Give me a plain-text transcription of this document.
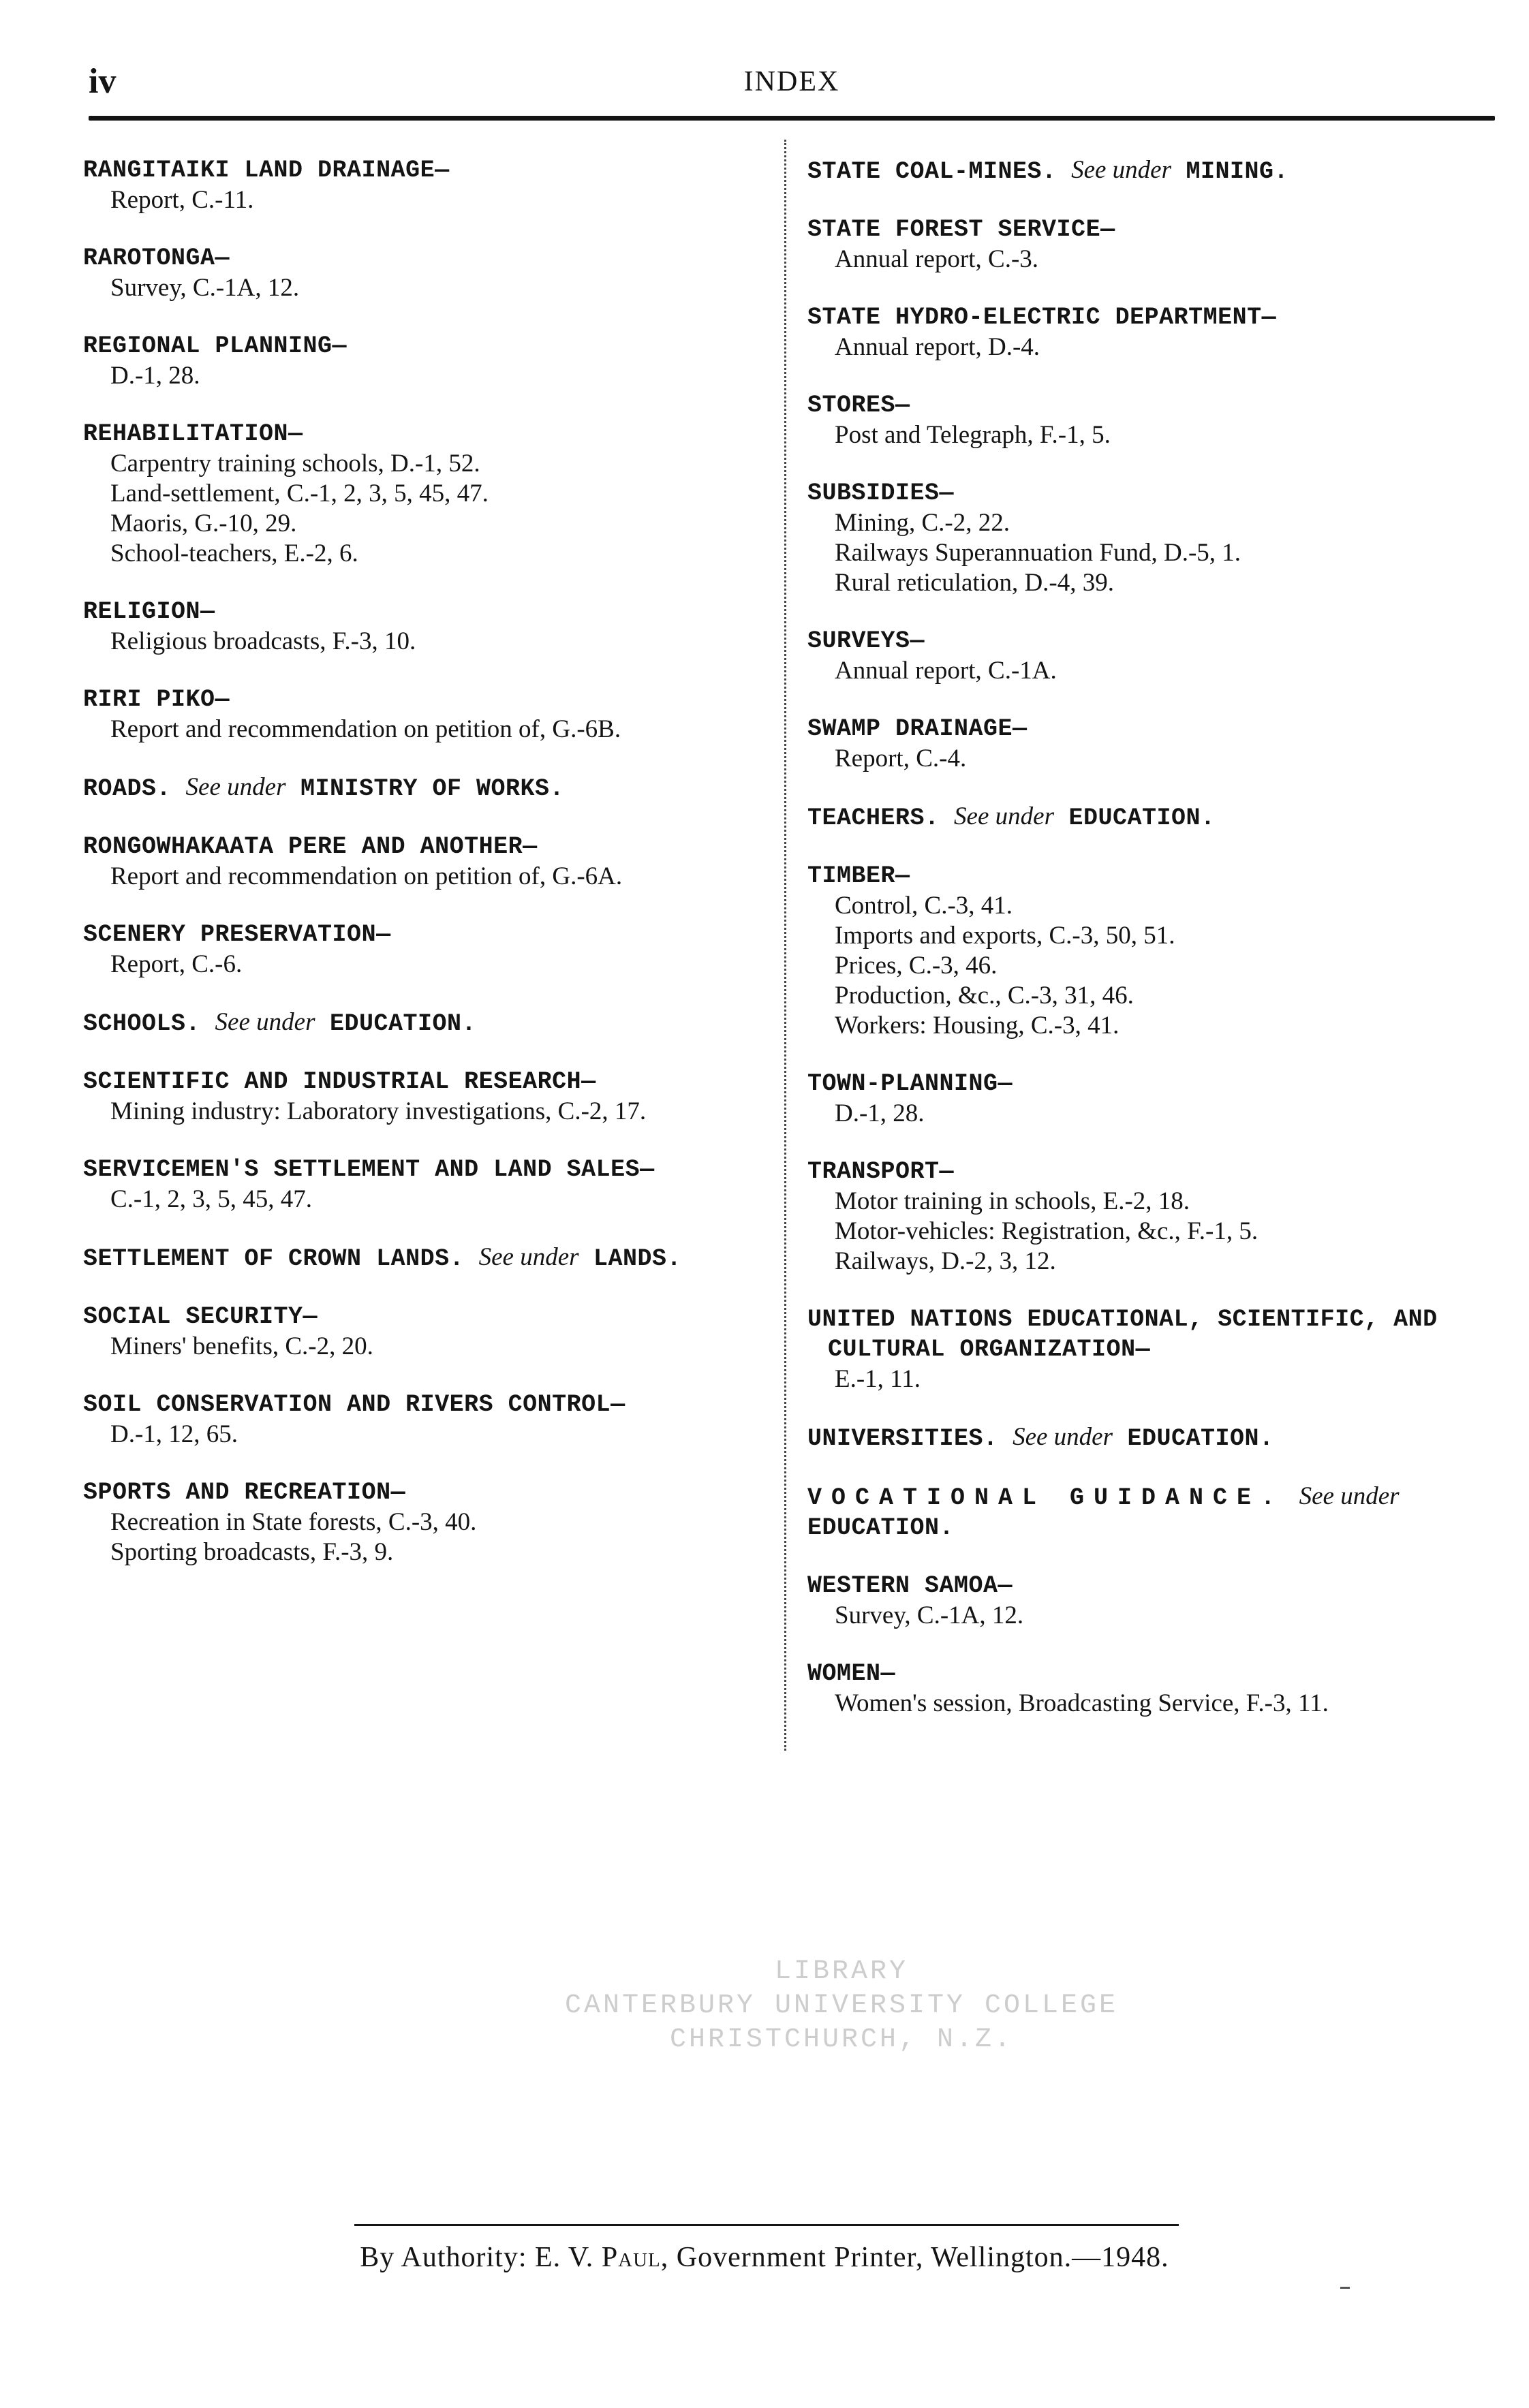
iv	INDEX
RANGITAIKI LAND DRAINAGE—
Report, C.-11.
RAROTONGA—
Survey, C.-1A, 12.
REGIONAL PLANNING—
D.-1, 28.
REHABILITATION—
Carpentry training schools, D.-1, 52.
Land-settlement, C.-1, 2, 3, 5, 45, 47.
Maoris, G.-10, 29.
School-teachers, E.-2, 6.
RELIGION—
Religious broadcasts, F.-3, 10.
RIRI PIKO—
Report and recommendation on petition of, G.-6B.
ROADS. See under MINISTRY OF WORKS.
RONGOWHAKAATA PERE AND ANOTHER—
Report and recommendation on petition of, G.-6A.
SCENERY PRESERVATION—
Report, C.-6.
SCHOOLS. See under EDUCATION.
SCIENTIFIC AND INDUSTRIAL RESEARCH—
Mining industry: Laboratory investigations, C.-2, 17.
SERVICEMEN'S SETTLEMENT AND LAND SALES—
C.-1, 2, 3, 5, 45, 47.
SETTLEMENT OF CROWN LANDS. See under LANDS.
SOCIAL SECURITY—
Miners' benefits, C.-2, 20.
SOIL CONSERVATION AND RIVERS CONTROL—
D.-1, 12, 65.
SPORTS AND RECREATION—
Recreation in State forests, C.-3, 40.
Sporting broadcasts, F.-3, 9.
STATE COAL-MINES. See under MINING.
STATE FOREST SERVICE—
Annual report, C.-3.
STATE HYDRO-ELECTRIC DEPARTMENT—
Annual report, D.-4.
STORES—
Post and Telegraph, F.-1, 5.
SUBSIDIES—
Mining, C.-2, 22.
Railways Superannuation Fund, D.-5, 1.
Rural reticulation, D.-4, 39.
SURVEYS—
Annual report, C.-1A.
SWAMP DRAINAGE—
Report, C.-4.
TEACHERS. See under EDUCATION.
TIMBER—
Control, C.-3, 41.
Imports and exports, C.-3, 50, 51.
Prices, C.-3, 46.
Production, &c., C.-3, 31, 46.
Workers: Housing, C.-3, 41.
TOWN-PLANNING—
D.-1, 28.
TRANSPORT—
Motor training in schools, E.-2, 18.
Motor-vehicles: Registration, &c., F.-1, 5.
Railways, D.-2, 3, 12.
UNITED NATIONS EDUCATIONAL, SCIENTIFIC, AND CULTURAL ORGANIZATION—
E.-1, 11.
UNIVERSITIES. See under EDUCATION.
VOCATIONAL GUIDANCE. See under EDUCATION.
WESTERN SAMOA—
Survey, C.-1A, 12.
WOMEN—
Women's session, Broadcasting Service, F.-3, 11.
LIBRARY
CANTERBURY UNIVERSITY COLLEGE
CHRISTCHURCH, N.Z.
By Authority: E. V. Paul, Government Printer, Wellington.—1948.
